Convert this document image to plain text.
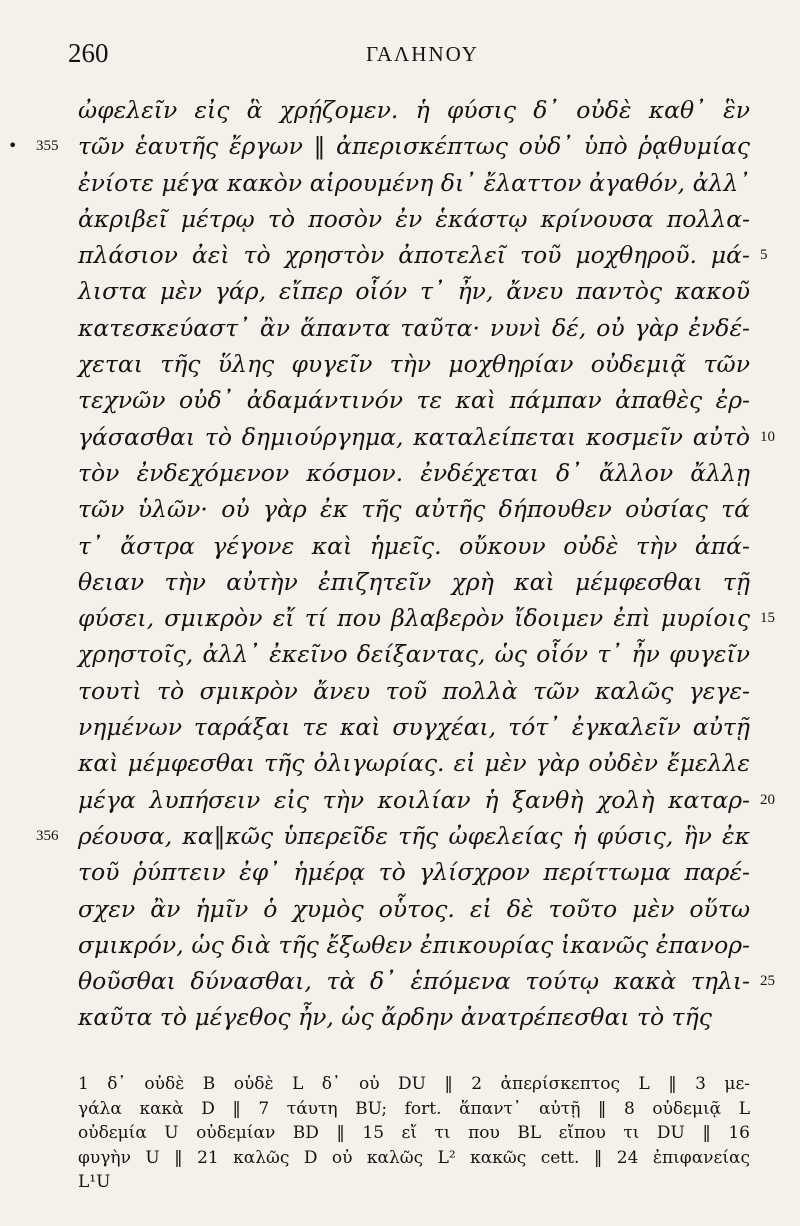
260	ΓΑΛΗΝΟΥ
ὠφελεῖν εἰς ἃ χρῄζομεν. ἡ φύσις δ᾽ οὐδὲ καθ᾽ ἓν
• 355 τῶν ἑαυτῆς ἔργων ‖ ἀπερισκέπτως οὐδ᾽ ὑπὸ ῥᾳθυμίας
ἐνίοτε μέγα κακὸν αἱρουμένη δι᾽ ἔλαττον ἀγαθόν, ἀλλ᾽
ἀκριβεῖ μέτρῳ τὸ ποσὸν ἐν ἑκάστῳ κρίνουσα πολλα-
πλάσιον ἀεὶ τὸ χρηστὸν ἀποτελεῖ τοῦ μοχθηροῦ. μά- 5
λιστα μὲν γάρ, εἴπερ οἷόν τ᾽ ἦν, ἄνευ παντὸς κακοῦ
κατεσκεύαστ᾽ ἂν ἅπαντα ταῦτα· νυνὶ δέ, οὐ γὰρ ἐνδέ-
χεται τῆς ὕλης φυγεῖν τὴν μοχθηρίαν οὐδεμιᾷ τῶν
τεχνῶν οὐδ᾽ ἀδαμάντινόν τε καὶ πάμπαν ἀπαθὲς ἐρ-
γάσασθαι τὸ δημιούργημα, καταλείπεται κοσμεῖν αὐτὸ 10
τὸν ἐνδεχόμενον κόσμον. ἐνδέχεται δ᾽ ἄλλον ἄλλῃ
τῶν ὑλῶν· οὐ γὰρ ἐκ τῆς αὐτῆς δήπουθεν οὐσίας τά
τ᾽ ἄστρα γέγονε καὶ ἡμεῖς. οὔκουν οὐδὲ τὴν ἀπά-
θειαν τὴν αὐτὴν ἐπιζητεῖν χρὴ καὶ μέμφεσθαι τῇ
φύσει, σμικρὸν εἴ τί που βλαβερὸν ἴδοιμεν ἐπὶ μυρίοις 15
χρηστοῖς, ἀλλ᾽ ἐκεῖνο δείξαντας, ὡς οἷόν τ᾽ ἦν φυγεῖν
τουτὶ τὸ σμικρὸν ἄνευ τοῦ πολλὰ τῶν καλῶς γεγε-
νημένων ταράξαι τε καὶ συγχέαι, τότ᾽ ἐγκαλεῖν αὐτῇ
καὶ μέμφεσθαι τῆς ὀλιγωρίας. εἰ μὲν γὰρ οὐδὲν ἔμελλε
μέγα λυπήσειν εἰς τὴν κοιλίαν ἡ ξανθὴ χολὴ καταρ- 20
356 ρέουσα, κα‖κῶς ὑπερεῖδε τῆς ὠφελείας ἡ φύσις, ἣν ἐκ
τοῦ ῥύπτειν ἐφ᾽ ἡμέρᾳ τὸ γλίσχρον περίττωμα παρέ-
σχεν ἂν ἡμῖν ὁ χυμὸς οὗτος. εἰ δὲ τοῦτο μὲν οὕτω
σμικρόν, ὡς διὰ τῆς ἔξωθεν ἐπικουρίας ἱκανῶς ἐπανορ-
θοῦσθαι δύνασθαι, τὰ δ᾽ ἑπόμενα τούτῳ κακὰ τηλι- 25
καῦτα τὸ μέγεθος ἦν, ὡς ἄρδην ἀνατρέπεσθαι τὸ τῆς
1 δ᾽ οὐδὲ B οὐδὲ L δ᾽ οὐ DU ‖ 2 ἀπερίσκεπτος L ‖ 3 με-
γάλα κακὰ D ‖ 7 τάυτη BU; fort. ἅπαντ᾽ αὐτῇ ‖ 8 οὐδεμιᾷ L
οὐδεμία U οὐδεμίαν BD ‖ 15 εἴ τι που BL εἴπου τι DU ‖ 16
φυγὴν U ‖ 21 καλῶς D οὐ καλῶς L² κακῶς cett. ‖ 24 ἐπιφανείας
L¹U
